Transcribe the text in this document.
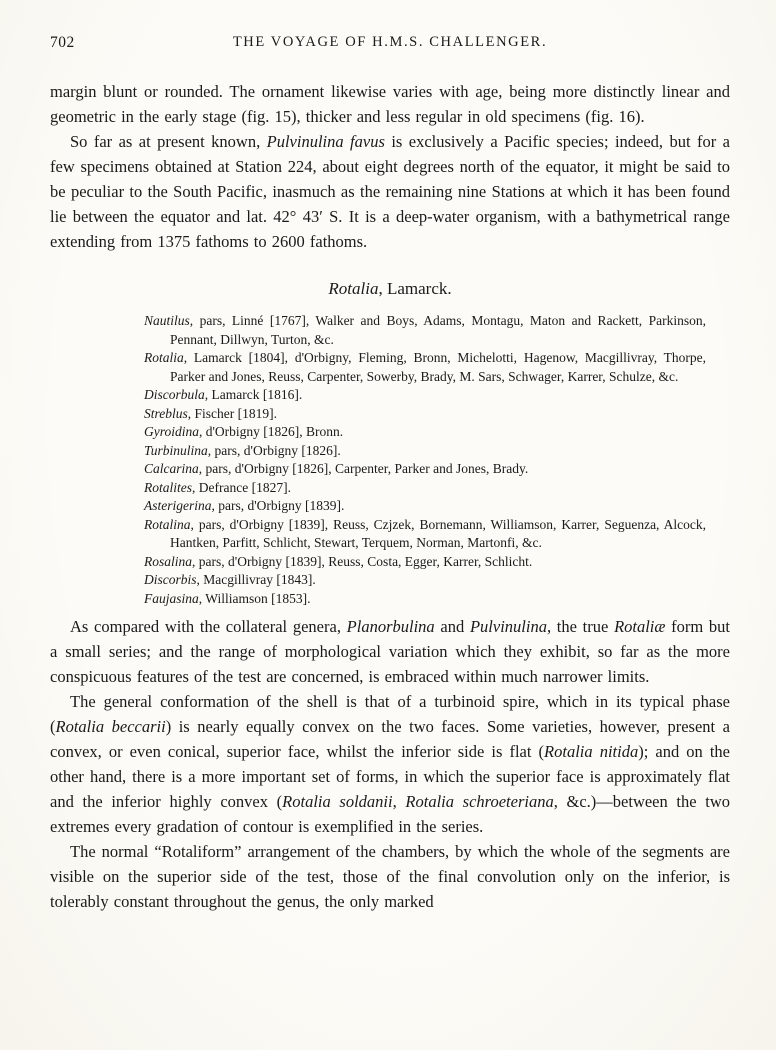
702	THE VOYAGE OF H.M.S. CHALLENGER.

margin blunt or rounded. The ornament likewise varies with age, being more distinctly linear and geometric in the early stage (fig. 15), thicker and less regular in old specimens (fig. 16).

So far as at present known, Pulvinulina favus is exclusively a Pacific species; indeed, but for a few specimens obtained at Station 224, about eight degrees north of the equator, it might be said to be peculiar to the South Pacific, inasmuch as the remaining nine Stations at which it has been found lie between the equator and lat. 42° 43′ S. It is a deep-water organism, with a bathymetrical range extending from 1375 fathoms to 2600 fathoms.

Rotalia, Lamarck.
Nautilus, pars, Linné [1767], Walker and Boys, Adams, Montagu, Maton and Rackett, Parkinson, Pennant, Dillwyn, Turton, &c.
Rotalia, Lamarck [1804], d'Orbigny, Fleming, Bronn, Michelotti, Hagenow, Macgillivray, Thorpe, Parker and Jones, Reuss, Carpenter, Sowerby, Brady, M. Sars, Schwager, Karrer, Schulze, &c.
Discorbula, Lamarck [1816].
Streblus, Fischer [1819].
Gyroidina, d'Orbigny [1826], Bronn.
Turbinulina, pars, d'Orbigny [1826].
Calcarina, pars, d'Orbigny [1826], Carpenter, Parker and Jones, Brady.
Rotalites, Defrance [1827].
Asterigerina, pars, d'Orbigny [1839].
Rotalina, pars, d'Orbigny [1839], Reuss, Czjzek, Bornemann, Williamson, Karrer, Seguenza, Alcock, Hantken, Parfitt, Schlicht, Stewart, Terquem, Norman, Martonfi, &c.
Rosalina, pars, d'Orbigny [1839], Reuss, Costa, Egger, Karrer, Schlicht.
Discorbis, Macgillivray [1843].
Faujasina, Williamson [1853].

As compared with the collateral genera, Planorbulina and Pulvinulina, the true Rotaliæ form but a small series; and the range of morphological variation which they exhibit, so far as the more conspicuous features of the test are concerned, is embraced within much narrower limits.

The general conformation of the shell is that of a turbinoid spire, which in its typical phase (Rotalia beccarii) is nearly equally convex on the two faces. Some varieties, however, present a convex, or even conical, superior face, whilst the inferior side is flat (Rotalia nitida); and on the other hand, there is a more important set of forms, in which the superior face is approximately flat and the inferior highly convex (Rotalia soldanii, Rotalia schroeteriana, &c.)—between the two extremes every gradation of contour is exemplified in the series.

The normal “Rotaliform” arrangement of the chambers, by which the whole of the segments are visible on the superior side of the test, those of the final convolution only on the inferior, is tolerably constant throughout the genus, the only marked
